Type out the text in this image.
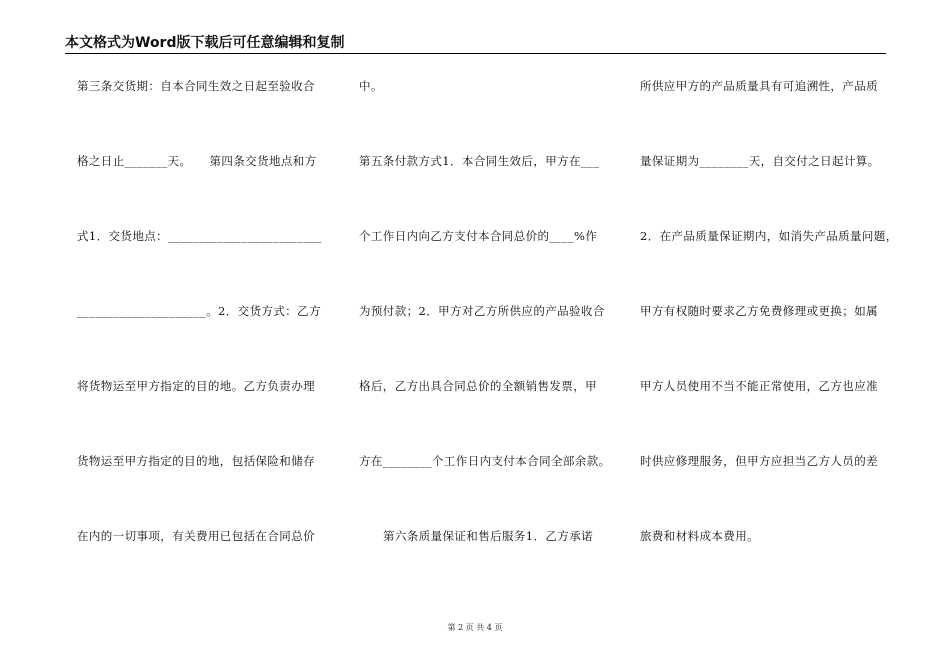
本文格式为Word版下载后可任意编辑和复制
第三条交货期：自本合同生效之日起至验收合
格之日止_______天。　　第四条交货地点和方
式1．交货地点：_________________________
_____________________。2．交货方式：乙方
将货物运至甲方指定的目的地。乙方负责办理
货物运至甲方指定的目的地，包括保险和储存
在内的一切事项，有关费用已包括在合同总价
中。
第五条付款方式1．本合同生效后，甲方在___
个工作日内向乙方支付本合同总价的____%作
为预付款；2．甲方对乙方所供应的产品验收合
格后，乙方出具合同总价的全额销售发票，甲
方在________个工作日内支付本合同全部余款。
第六条质量保证和售后服务1．乙方承诺
所供应甲方的产品质量具有可追溯性，产品质
量保证期为________天，自交付之日起计算。
2．在产品质量保证期内，如消失产品质量问题，
甲方有权随时要求乙方免费修理或更换；如属
甲方人员使用不当不能正常使用，乙方也应准
时供应修理服务，但甲方应担当乙方人员的差
旅费和材料成本费用。
第 2 页 共 4 页
